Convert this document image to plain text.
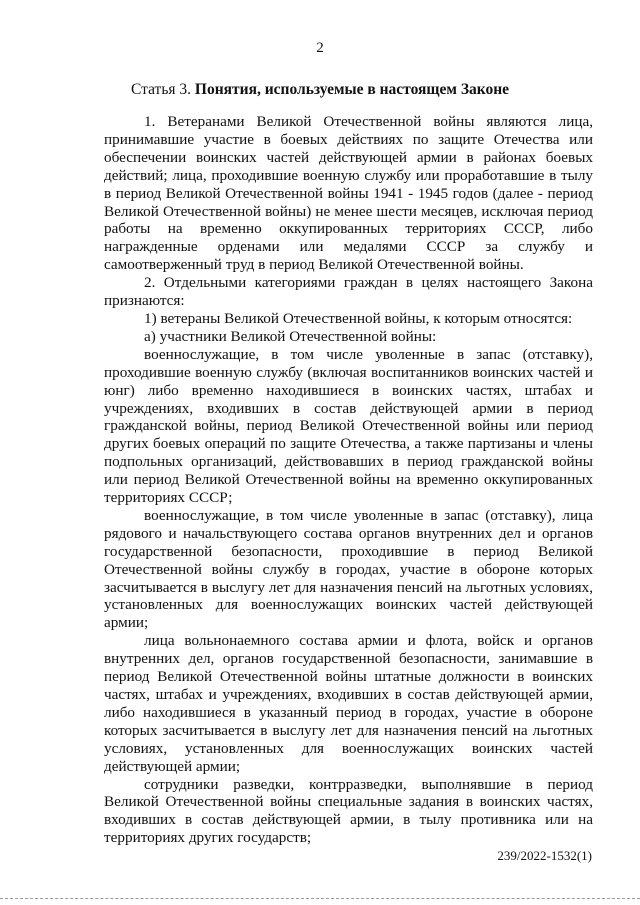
2
Статья 3. Понятия, используемые в настоящем Законе

1. Ветеранами Великой Отечественной войны являются лица, принимавшие участие в боевых действиях по защите Отечества или обеспечении воинских частей действующей армии в районах боевых действий; лица, проходившие военную службу или проработавшие в тылу в период Великой Отечественной войны 1941 - 1945 годов (далее - период Великой Отечественной войны) не менее шести месяцев, исключая период работы на временно оккупированных территориях СССР, либо награжденные орденами или медалями СССР за службу и самоотверженный труд в период Великой Отечественной войны.

2. Отдельными категориями граждан в целях настоящего Закона признаются:

1) ветераны Великой Отечественной войны, к которым относятся:

а) участники Великой Отечественной войны:

военнослужащие, в том числе уволенные в запас (отставку), проходившие военную службу (включая воспитанников воинских частей и юнг) либо временно находившиеся в воинских частях, штабах и учреждениях, входивших в состав действующей армии в период гражданской войны, период Великой Отечественной войны или период других боевых операций по защите Отечества, а также партизаны и члены подпольных организаций, действовавших в период гражданской войны или период Великой Отечественной войны на временно оккупированных территориях СССР;

военнослужащие, в том числе уволенные в запас (отставку), лица рядового и начальствующего состава органов внутренних дел и органов государственной безопасности, проходившие в период Великой Отечественной войны службу в городах, участие в обороне которых засчитывается в выслугу лет для назначения пенсий на льготных условиях, установленных для военнослужащих воинских частей действующей армии;

лица вольнонаемного состава армии и флота, войск и органов внутренних дел, органов государственной безопасности, занимавшие в период Великой Отечественной войны штатные должности в воинских частях, штабах и учреждениях, входивших в состав действующей армии, либо находившиеся в указанный период в городах, участие в обороне которых засчитывается в выслугу лет для назначения пенсий на льготных условиях, установленных для военнослужащих воинских частей действующей армии;

сотрудники разведки, контрразведки, выполнявшие в период Великой Отечественной войны специальные задания в воинских частях, входивших в состав действующей армии, в тылу противника или на территориях других государств;

239/2022-1532(1)
